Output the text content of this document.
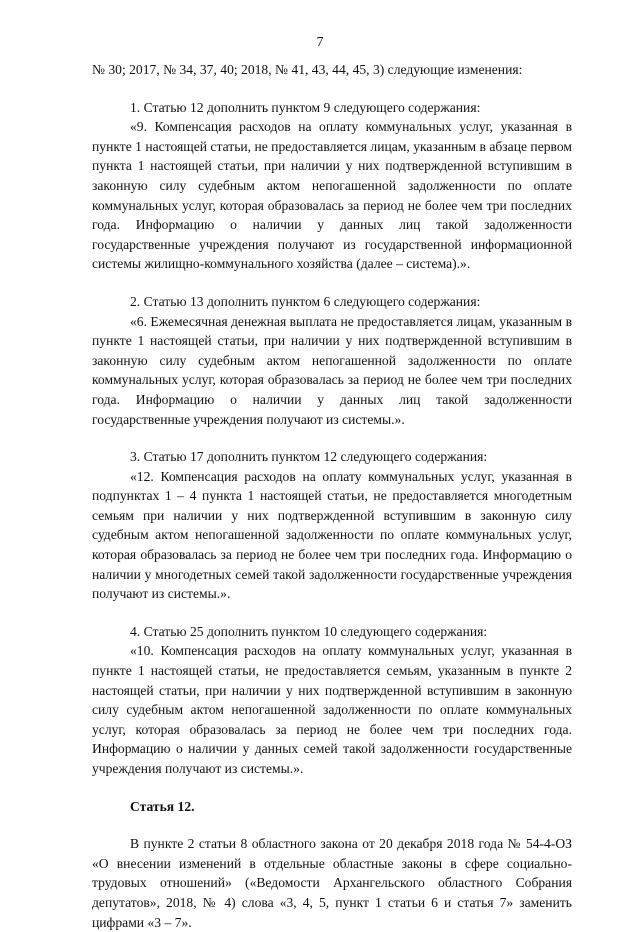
7

№ 30; 2017, № 34, 37, 40; 2018, № 41, 43, 44, 45, 3) следующие изменения:

1. Статью 12 дополнить пунктом 9 следующего содержания:

«9. Компенсация расходов на оплату коммунальных услуг, указанная в пункте 1 настоящей статьи, не предоставляется лицам, указанным в абзаце первом пункта 1 настоящей статьи, при наличии у них подтвержденной вступившим в законную силу судебным актом непогашенной задолженности по оплате коммунальных услуг, которая образовалась за период не более чем три последних года. Информацию о наличии у данных лиц такой задолженности государственные учреждения получают из государственной информационной системы жилищно-коммунального хозяйства (далее – система).».

2. Статью 13 дополнить пунктом 6 следующего содержания:

«6. Ежемесячная денежная выплата не предоставляется лицам, указанным в пункте 1 настоящей статьи, при наличии у них подтвержденной вступившим в законную силу судебным актом непогашенной задолженности по оплате коммунальных услуг, которая образовалась за период не более чем три последних года. Информацию о наличии у данных лиц такой задолженности государственные учреждения получают из системы.».

3. Статью 17 дополнить пунктом 12 следующего содержания:

«12. Компенсация расходов на оплату коммунальных услуг, указанная в подпунктах 1 – 4 пункта 1 настоящей статьи, не предоставляется многодетным семьям при наличии у них подтвержденной вступившим в законную силу судебным актом непогашенной задолженности по оплате коммунальных услуг, которая образовалась за период не более чем три последних года. Информацию о наличии у многодетных семей такой задолженности государственные учреждения получают из системы.».

4. Статью 25 дополнить пунктом 10 следующего содержания:

«10. Компенсация расходов на оплату коммунальных услуг, указанная в пункте 1 настоящей статьи, не предоставляется семьям, указанным в пункте 2 настоящей статьи, при наличии у них подтвержденной вступившим в законную силу судебным актом непогашенной задолженности по оплате коммунальных услуг, которая образовалась за период не более чем три последних года. Информацию о наличии у данных семей такой задолженности государственные учреждения получают из системы.».

Статья 12.

В пункте 2 статьи 8 областного закона от 20 декабря 2018 года № 54-4-ОЗ «О внесении изменений в отдельные областные законы в сфере социально-трудовых отношений» («Ведомости Архангельского областного Собрания депутатов», 2018, № 4) слова «3, 4, 5, пункт 1 статьи 6 и статья 7» заменить цифрами «3 – 7».
